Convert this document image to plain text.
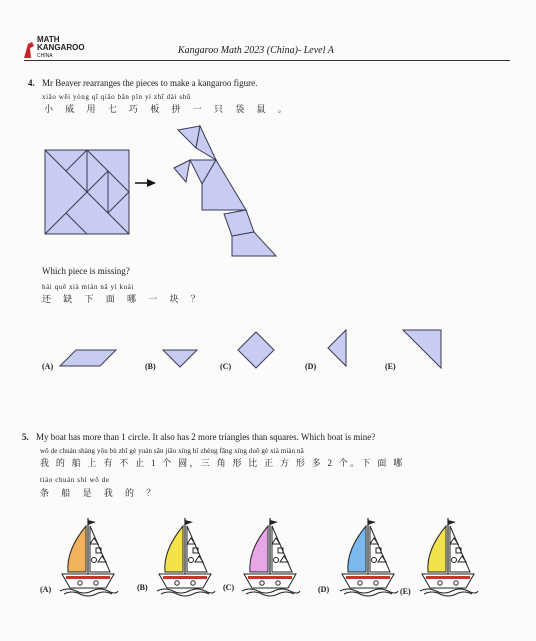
MATH
KANGAROO
CHINA	Kangaroo Math 2023 (China)- Level A
4. Mr Beaver rearranges the pieces to make a kangaroo figure.
xiǎo wēi yòng qī qiǎo bǎn pīn yì zhī dài shǔ
小 威 用 七 巧 板 拼 一 只 袋 鼠 。
Which piece is missing?
hái quē xià miàn nǎ yí kuài
还 缺 下 面 哪 一 块 ？
(A)	(B)	(C)	(D)	(E)
5. My boat has more than 1 circle. It also has 2 more triangles than squares. Which boat is mine?
wǒ de chuán shàng yǒu bù zhǐ gè yuán sān jiǎo xíng bǐ zhèng fāng xíng duō gè xià miàn nǎ
我 的 船 上 有 不 止 1 个 圆，三 角 形 比 正 方 形 多 2 个。下 面 哪
tiáo chuán shì wǒ de
条 船 是 我 的 ？
(A)	(B)	(C)	(D)	(E)
